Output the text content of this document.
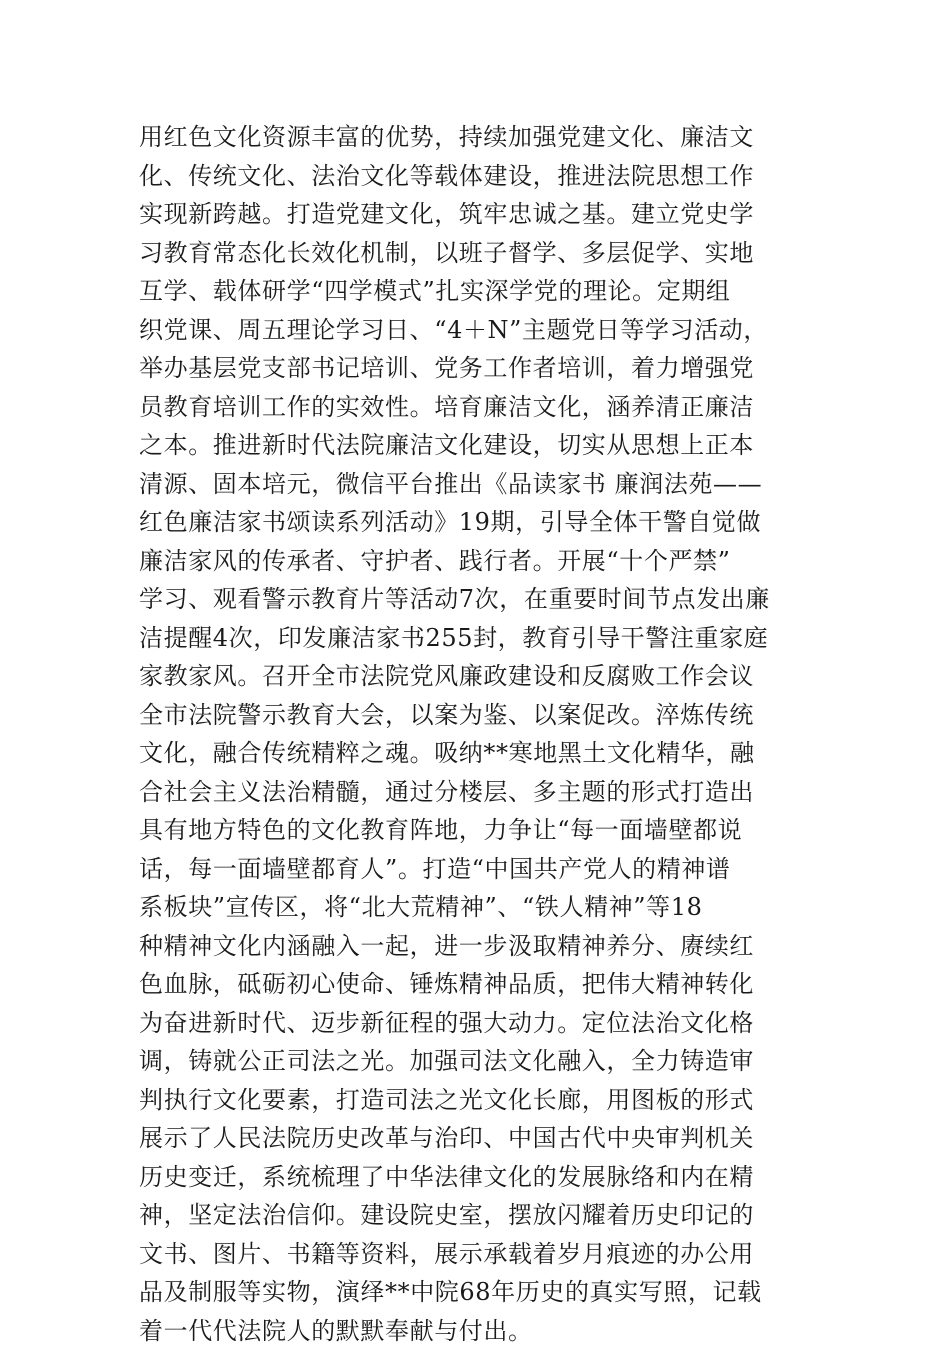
用红色文化资源丰富的优势，持续加强党建文化、廉洁文
化、传统文化、法治文化等载体建设，推进法院思想工作
实现新跨越。打造党建文化，筑牢忠诚之基。建立党史学
习教育常态化长效化机制，以班子督学、多层促学、实地
互学、载体研学“四学模式”扎实深学党的理论。定期组
织党课、周五理论学习日、“4＋N”主题党日等学习活动，
举办基层党支部书记培训、党务工作者培训，着力增强党
员教育培训工作的实效性。培育廉洁文化，涵养清正廉洁
之本。推进新时代法院廉洁文化建设，切实从思想上正本
清源、固本培元，微信平台推出《品读家书 廉润法苑——
红色廉洁家书颂读系列活动》19期，引导全体干警自觉做
廉洁家风的传承者、守护者、践行者。开展“十个严禁”
学习、观看警示教育片等活动7次，在重要时间节点发出廉
洁提醒4次，印发廉洁家书255封，教育引导干警注重家庭
家教家风。召开全市法院党风廉政建设和反腐败工作会议
全市法院警示教育大会，以案为鉴、以案促改。淬炼传统
文化，融合传统精粹之魂。吸纳**寒地黑土文化精华，融
合社会主义法治精髓，通过分楼层、多主题的形式打造出
具有地方特色的文化教育阵地，力争让“每一面墙壁都说
话，每一面墙壁都育人”。打造“中国共产党人的精神谱
系板块”宣传区，将“北大荒精神”、“铁人精神”等18
种精神文化内涵融入一起，进一步汲取精神养分、赓续红
色血脉，砥砺初心使命、锤炼精神品质，把伟大精神转化
为奋进新时代、迈步新征程的强大动力。定位法治文化格
调，铸就公正司法之光。加强司法文化融入，全力铸造审
判执行文化要素，打造司法之光文化长廊，用图板的形式
展示了人民法院历史改革与治印、中国古代中央审判机关
历史变迁，系统梳理了中华法律文化的发展脉络和内在精
神，坚定法治信仰。建设院史室，摆放闪耀着历史印记的
文书、图片、书籍等资料，展示承载着岁月痕迹的办公用
品及制服等实物，演绎**中院68年历史的真实写照，记载
着一代代法院人的默默奉献与付出。
